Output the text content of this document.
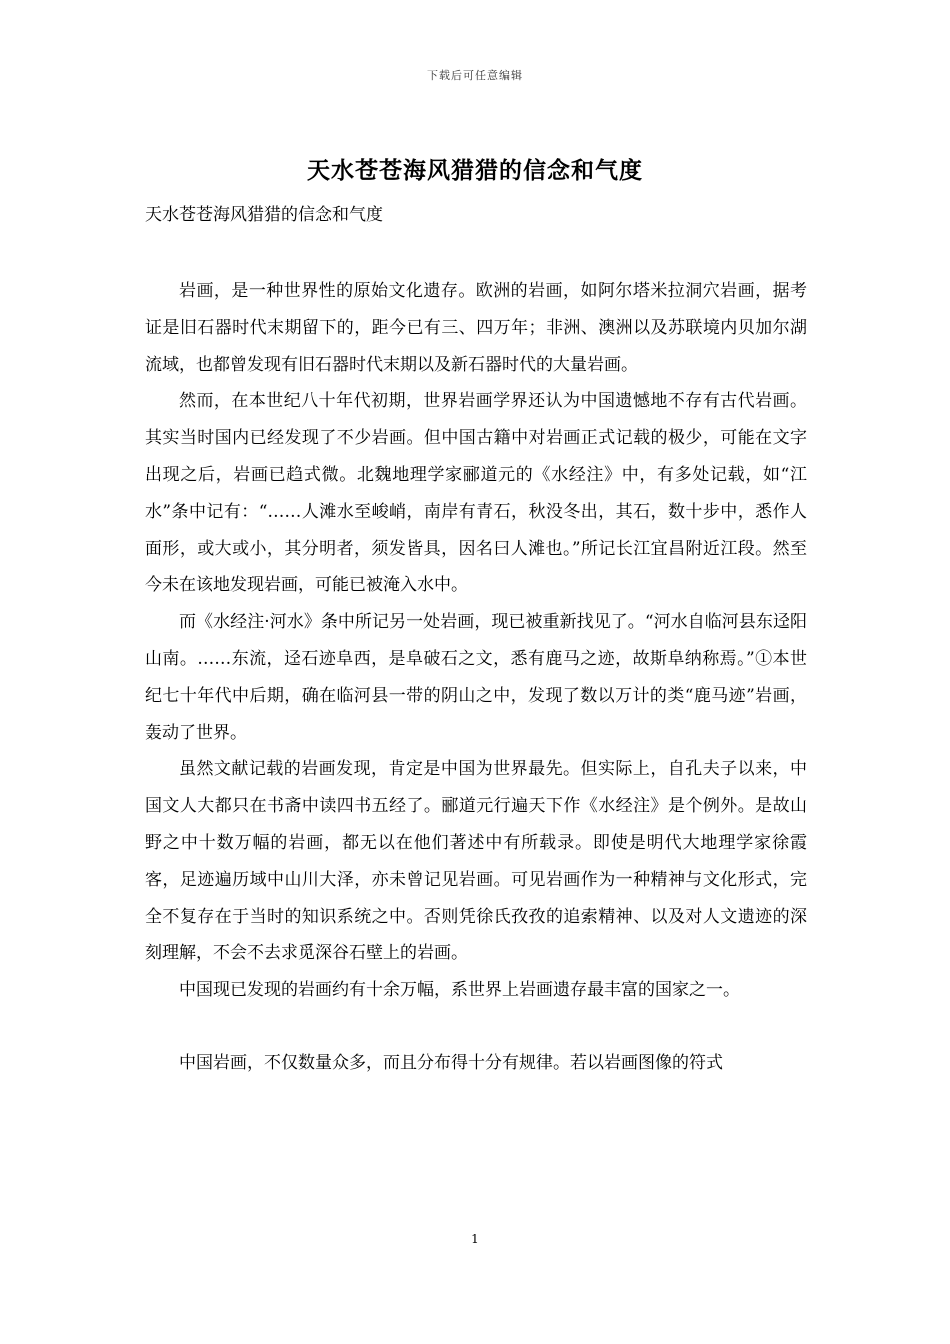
下载后可任意编辑
天水苍苍海风猎猎的信念和气度
天水苍苍海风猎猎的信念和气度

岩画，是一种世界性的原始文化遗存。欧洲的岩画，如阿尔塔米拉洞穴岩画，据考证是旧石器时代末期留下的，距今已有三、四万年；非洲、澳洲以及苏联境内贝加尔湖流域，也都曾发现有旧石器时代末期以及新石器时代的大量岩画。

然而，在本世纪八十年代初期，世界岩画学界还认为中国遗憾地不存有古代岩画。其实当时国内已经发现了不少岩画。但中国古籍中对岩画正式记载的极少，可能在文字出现之后，岩画已趋式微。北魏地理学家郦道元的《水经注》中，有多处记载，如“江水”条中记有：“……人滩水至峻峭，南岸有青石，秋没冬出，其石，数十步中，悉作人面形，或大或小，其分明者，须发皆具，因名曰人滩也。”所记长江宜昌附近江段。然至今未在该地发现岩画，可能已被淹入水中。

而《水经注·河水》条中所记另一处岩画，现已被重新找见了。“河水自临河县东迳阳山南。……东流，迳石迹阜西，是阜破石之文，悉有鹿马之迹，故斯阜纳称焉。”①本世纪七十年代中后期，确在临河县一带的阴山之中，发现了数以万计的类“鹿马迹”岩画，轰动了世界。

虽然文献记载的岩画发现，肯定是中国为世界最先。但实际上，自孔夫子以来，中国文人大都只在书斋中读四书五经了。郦道元行遍天下作《水经注》是个例外。是故山野之中十数万幅的岩画，都无以在他们著述中有所载录。即使是明代大地理学家徐霞客，足迹遍历域中山川大泽，亦未曾记见岩画。可见岩画作为一种精神与文化形式，完全不复存在于当时的知识系统之中。否则凭徐氏孜孜的追索精神、以及对人文遗迹的深刻理解，不会不去求觅深谷石壁上的岩画。

中国现已发现的岩画约有十余万幅，系世界上岩画遗存最丰富的国家之一。

中国岩画，不仅数量众多，而且分布得十分有规律。若以岩画图像的符式

1
